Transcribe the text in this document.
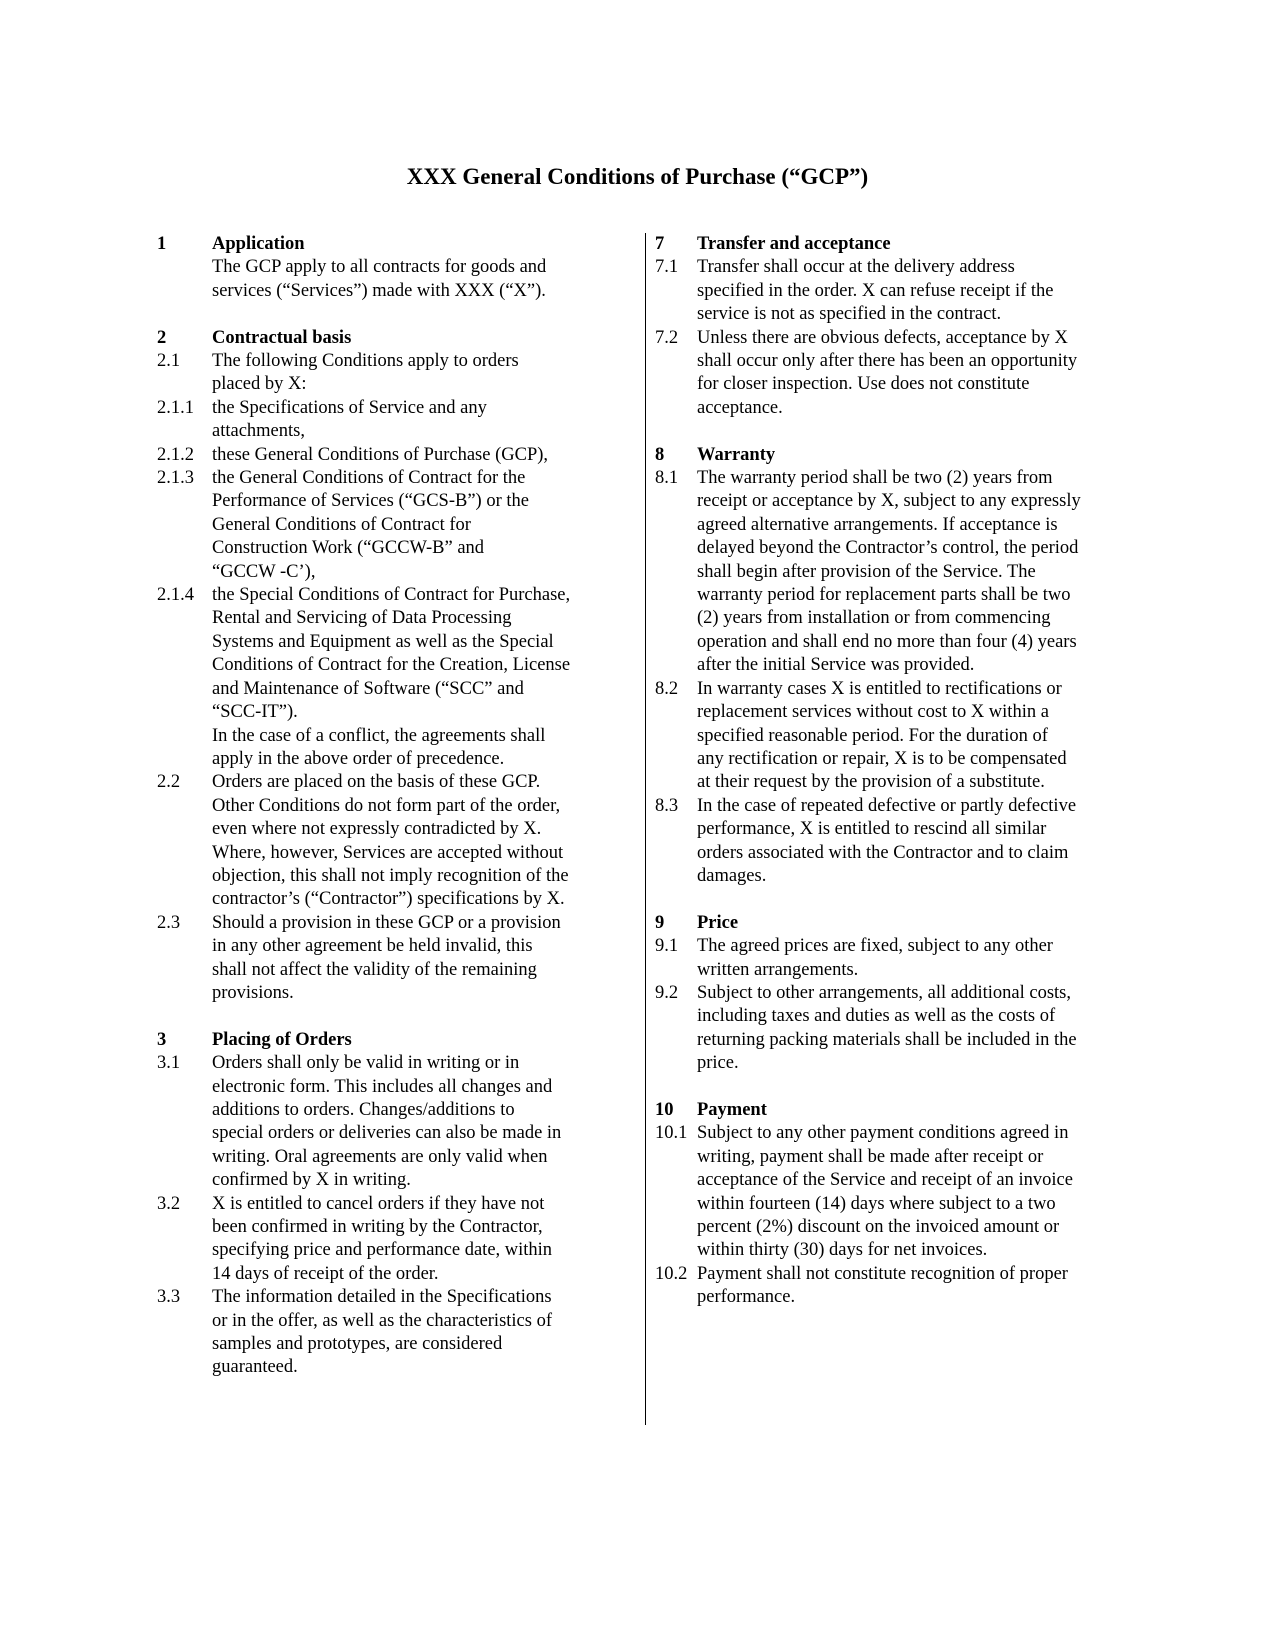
XXX General Conditions of Purchase (“GCP”)
1	Application
The GCP apply to all contracts for goods and
services (“Services”) made with XXX (“X”).
2	Contractual basis
2.1	The following Conditions apply to orders
placed by X:
2.1.1 the Specifications of Service and any
attachments,
2.1.2 these General Conditions of Purchase (GCP),
2.1.3 the General Conditions of Contract for the
Performance of Services (“GCS-B”) or the
General Conditions of Contract for
Construction Work (“GCCW-B” and
“GCCW -C’),
2.1.4 the Special Conditions of Contract for Purchase,
Rental and Servicing of Data Processing
Systems and Equipment as well as the Special
Conditions of Contract for the Creation, License
and Maintenance of Software (“SCC” and
“SCC-IT”).
In the case of a conflict, the agreements shall
apply in the above order of precedence.
2.2	Orders are placed on the basis of these GCP.
Other Conditions do not form part of the order,
even where not expressly contradicted by X.
Where, however, Services are accepted without
objection, this shall not imply recognition of the
contractor’s (“Contractor”) specifications by X.
2.3	Should a provision in these GCP or a provision
in any other agreement be held invalid, this
shall not affect the validity of the remaining
provisions.
3	Placing of Orders
3.1	Orders shall only be valid in writing or in
electronic form. This includes all changes and
additions to orders. Changes/additions to
special orders or deliveries can also be made in
writing. Oral agreements are only valid when
confirmed by X in writing.
3.2	X is entitled to cancel orders if they have not
been confirmed in writing by the Contractor,
specifying price and performance date, within
14 days of receipt of the order.
3.3	The information detailed in the Specifications
or in the offer, as well as the characteristics of
samples and prototypes, are considered
guaranteed.
7	Transfer and acceptance
7.1	Transfer shall occur at the delivery address
specified in the order. X can refuse receipt if the
service is not as specified in the contract.
7.2	Unless there are obvious defects, acceptance by X
shall occur only after there has been an opportunity
for closer inspection. Use does not constitute
acceptance.
8	Warranty
8.1	The warranty period shall be two (2) years from
receipt or acceptance by X, subject to any expressly
agreed alternative arrangements. If acceptance is
delayed beyond the Contractor’s control, the period
shall begin after provision of the Service. The
warranty period for replacement parts shall be two
(2) years from installation or from commencing
operation and shall end no more than four (4) years
after the initial Service was provided.
8.2	In warranty cases X is entitled to rectifications or
replacement services without cost to X within a
specified reasonable period. For the duration of
any rectification or repair, X is to be compensated
at their request by the provision of a substitute.
8.3	In the case of repeated defective or partly defective
performance, X is entitled to rescind all similar
orders associated with the Contractor and to claim
damages.
9	Price
9.1	The agreed prices are fixed, subject to any other
written arrangements.
9.2	Subject to other arrangements, all additional costs,
including taxes and duties as well as the costs of
returning packing materials shall be included in the
price.
10	Payment
10.1 Subject to any other payment conditions agreed in
writing, payment shall be made after receipt or
acceptance of the Service and receipt of an invoice
within fourteen (14) days where subject to a two
percent (2%) discount on the invoiced amount or
within thirty (30) days for net invoices.
10.2 Payment shall not constitute recognition of proper
performance.
